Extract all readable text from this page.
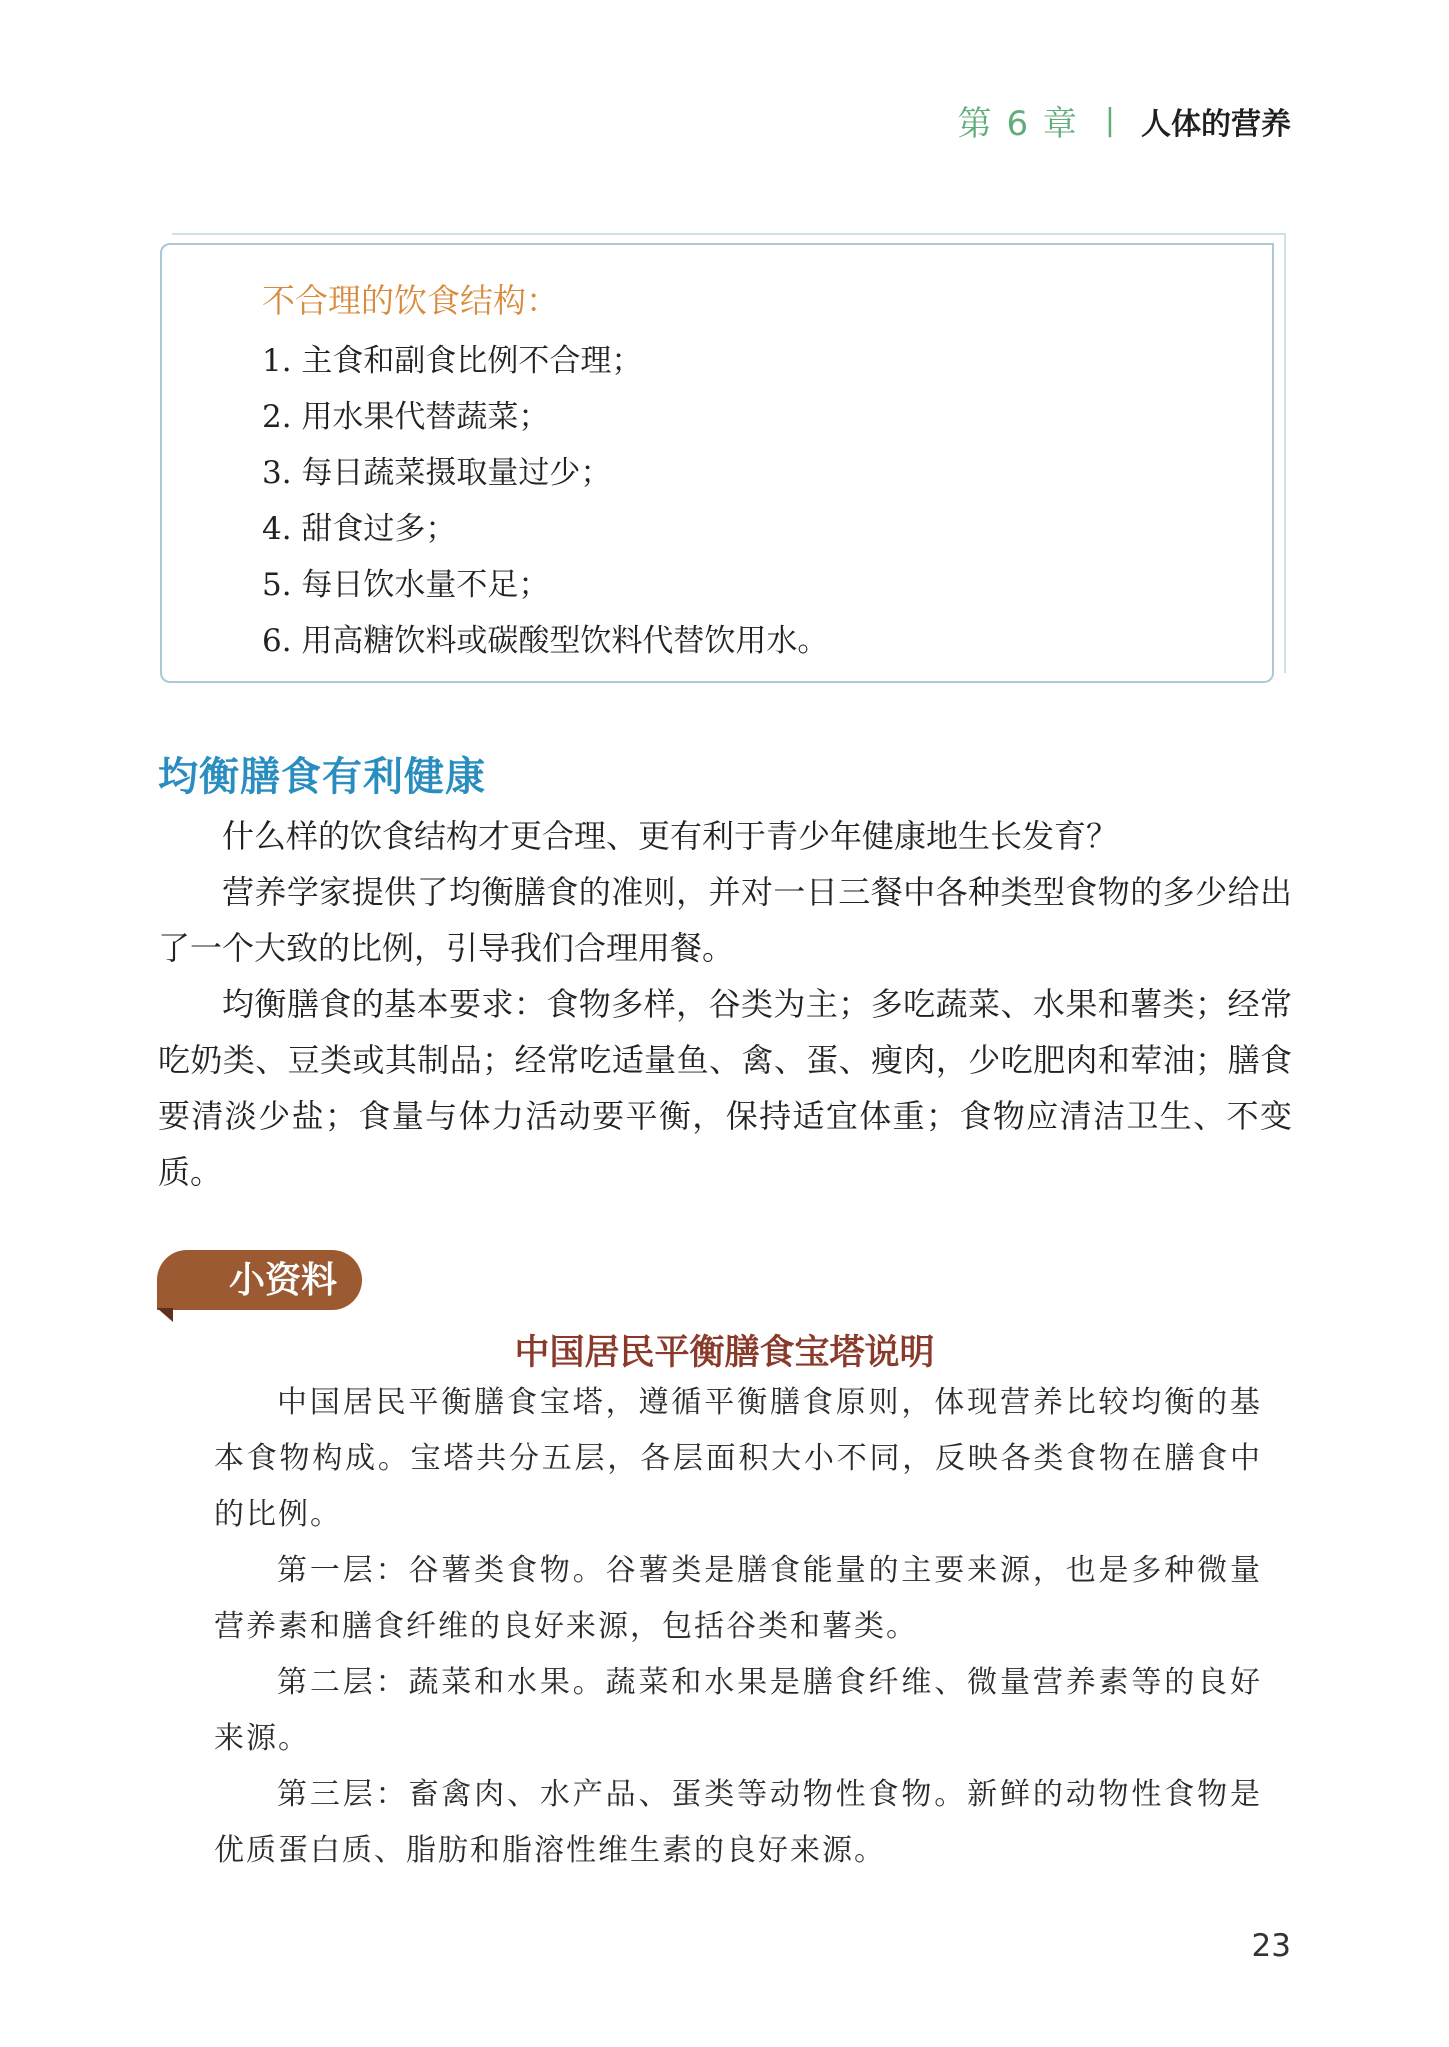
第 6 章 | 人体的营养
不合理的饮食结构：
1. 主食和副食比例不合理；
2. 用水果代替蔬菜；
3. 每日蔬菜摄取量过少；
4. 甜食过多；
5. 每日饮水量不足；
6. 用高糖饮料或碳酸型饮料代替饮用水。
均衡膳食有利健康

什么样的饮食结构才更合理、更有利于青少年健康地生长发育？

营养学家提供了均衡膳食的准则，并对一日三餐中各种类型食物的多少给出了一个大致的比例，引导我们合理用餐。

均衡膳食的基本要求：食物多样，谷类为主；多吃蔬菜、水果和薯类；经常吃奶类、豆类或其制品；经常吃适量鱼、禽、蛋、瘦肉，少吃肥肉和荤油；膳食要清淡少盐；食量与体力活动要平衡，保持适宜体重；食物应清洁卫生、不变质。

小资料
中国居民平衡膳食宝塔说明

中国居民平衡膳食宝塔，遵循平衡膳食原则，体现营养比较均衡的基本食物构成。宝塔共分五层，各层面积大小不同，反映各类食物在膳食中的比例。

第一层：谷薯类食物。谷薯类是膳食能量的主要来源，也是多种微量营养素和膳食纤维的良好来源，包括谷类和薯类。

第二层：蔬菜和水果。蔬菜和水果是膳食纤维、微量营养素等的良好来源。

第三层：畜禽肉、水产品、蛋类等动物性食物。新鲜的动物性食物是优质蛋白质、脂肪和脂溶性维生素的良好来源。

23
